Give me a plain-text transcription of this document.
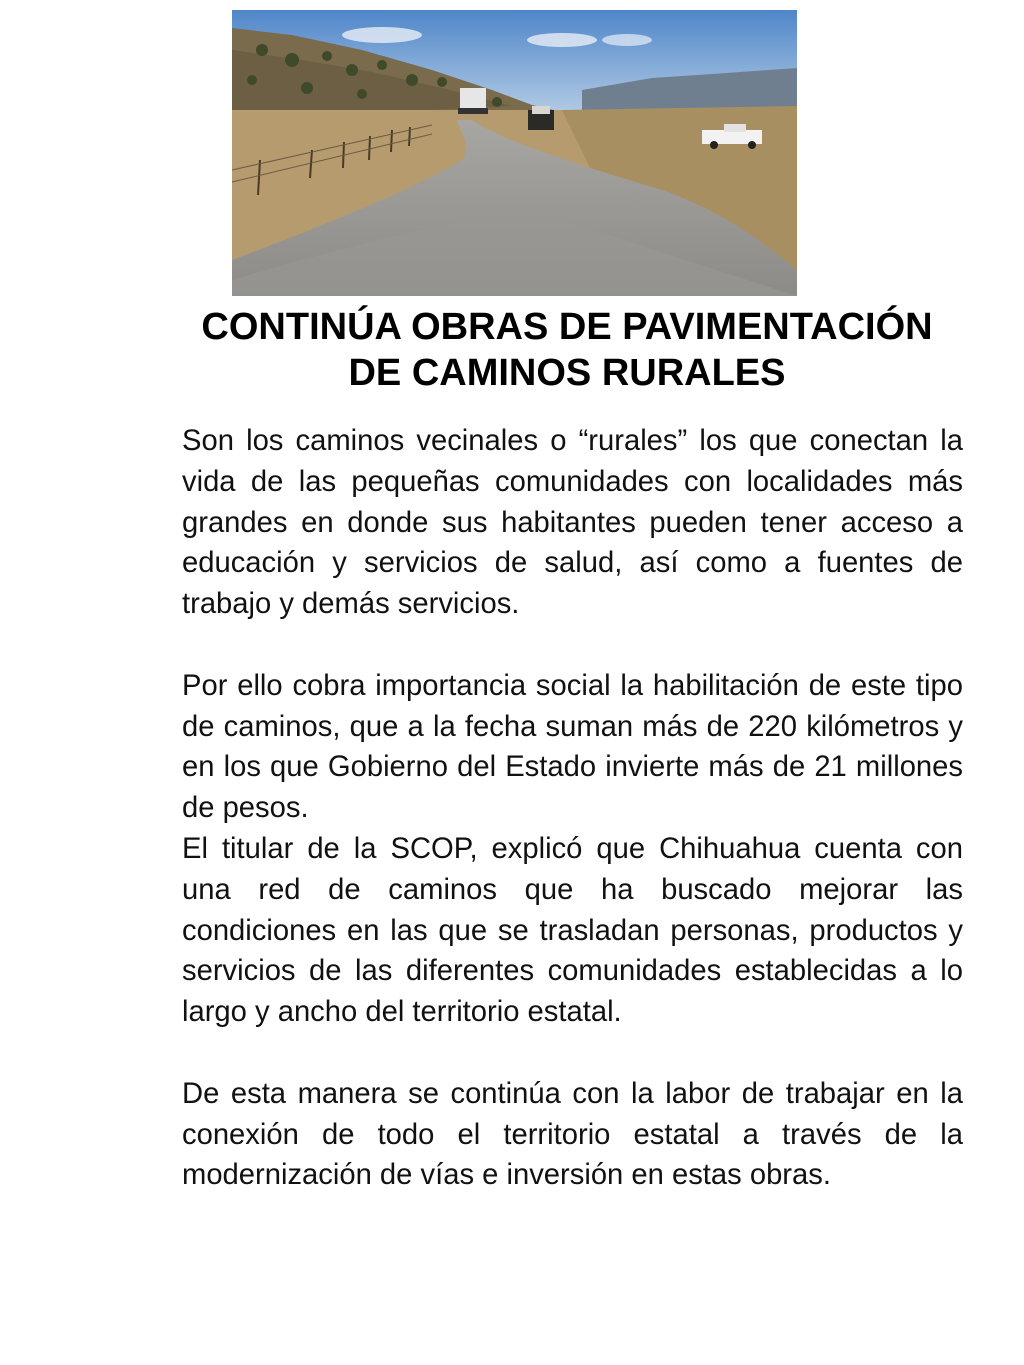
CONTINÚA OBRAS DE PAVIMENTACIÓN
DE CAMINOS RURALES

Son los caminos vecinales o “rurales” los que conectan la vida de las pequeñas comunidades con localidades más grandes en donde sus habitantes pueden tener acceso a educación y servicios de salud, así como a fuentes de trabajo y demás servicios.

Por ello cobra importancia social la habilitación de este tipo de caminos, que a la fecha suman más de 220 kilómetros y en los que Gobierno del Estado invierte más de 21 millones de pesos.

El titular de la SCOP, explicó que Chihuahua cuenta con una red de caminos que ha buscado mejorar las condiciones en las que se trasladan personas, productos y servicios de las diferentes comunidades establecidas a lo largo y ancho del territorio estatal.

De esta manera se continúa con la labor de trabajar en la conexión de todo el territorio estatal a través de la modernización de vías e inversión en estas obras.
